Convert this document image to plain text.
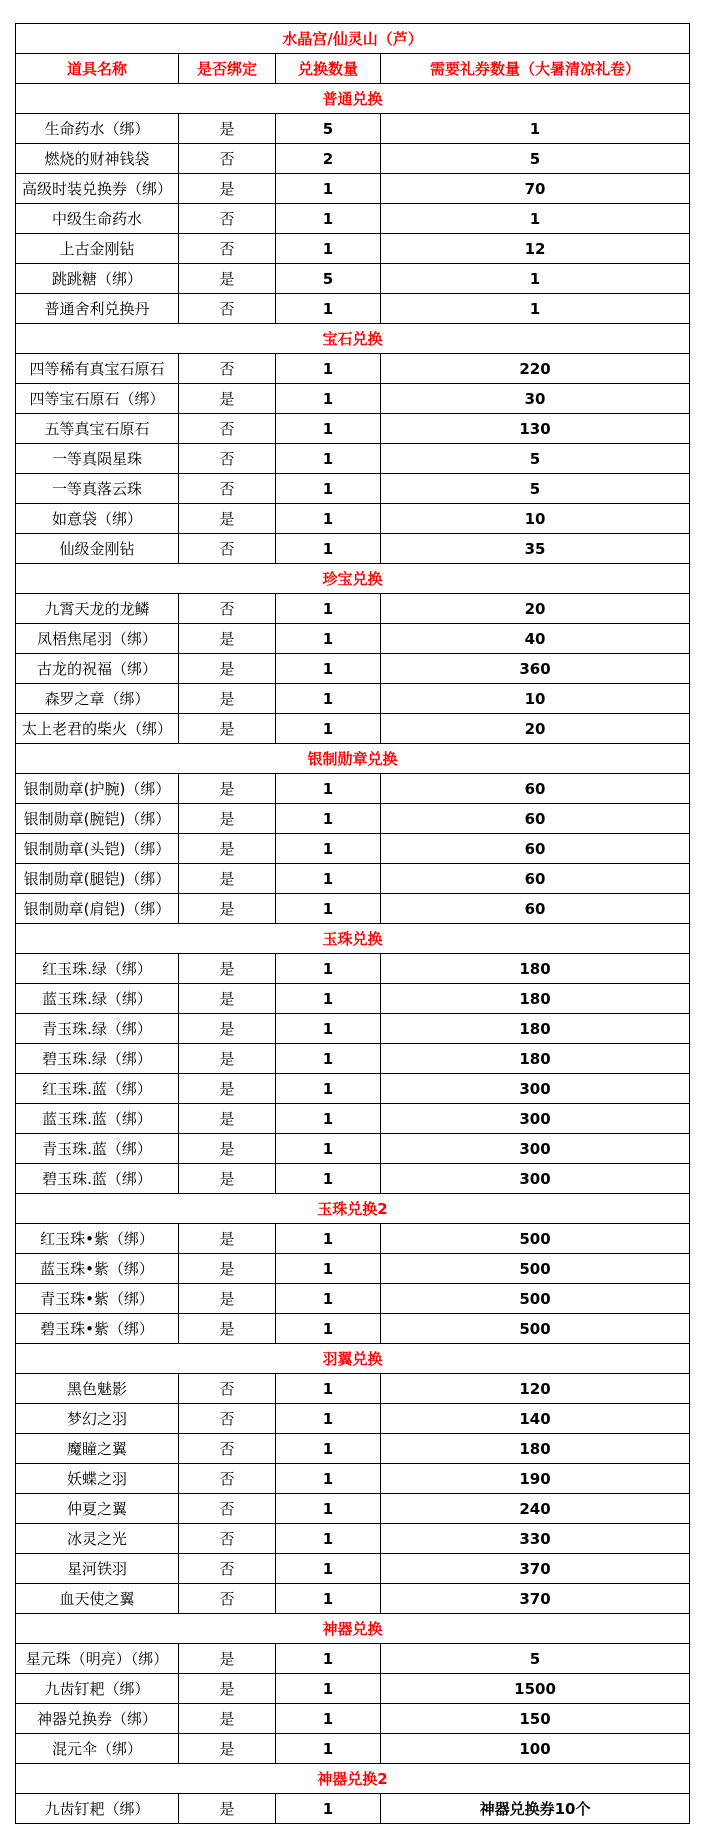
水晶宫/仙灵山（芦）			
道具名称	是否绑定	兑换数量	需要礼券数量（大暑清凉礼卷）
普通兑换			
生命药水（绑）	是	5	1
燃烧的财神钱袋	否	2	5
高级时装兑换券（绑）	是	1	70
中级生命药水	否	1	1
上古金刚钻	否	1	12
跳跳糖（绑）	是	5	1
普通舍利兑换丹	否	1	1
宝石兑换			
四等稀有真宝石原石	否	1	220
四等宝石原石（绑）	是	1	30
五等真宝石原石	否	1	130
一等真陨星珠	否	1	5
一等真落云珠	否	1	5
如意袋（绑）	是	1	10
仙级金刚钻	否	1	35
珍宝兑换			
九霄天龙的龙鳞	否	1	20
凤梧焦尾羽（绑）	是	1	40
古龙的祝福（绑）	是	1	360
森罗之章（绑）	是	1	10
太上老君的柴火（绑）	是	1	20
银制勋章兑换			
银制勋章(护腕)（绑）	是	1	60
银制勋章(腕铠)（绑）	是	1	60
银制勋章(头铠)（绑）	是	1	60
银制勋章(腿铠)（绑）	是	1	60
银制勋章(肩铠)（绑）	是	1	60
玉珠兑换			
红玉珠.绿（绑）	是	1	180
蓝玉珠.绿（绑）	是	1	180
青玉珠.绿（绑）	是	1	180
碧玉珠.绿（绑）	是	1	180
红玉珠.蓝（绑）	是	1	300
蓝玉珠.蓝（绑）	是	1	300
青玉珠.蓝（绑）	是	1	300
碧玉珠.蓝（绑）	是	1	300
玉珠兑换2			
红玉珠•紫（绑）	是	1	500
蓝玉珠•紫（绑）	是	1	500
青玉珠•紫（绑）	是	1	500
碧玉珠•紫（绑）	是	1	500
羽翼兑换			
黑色魅影	否	1	120
梦幻之羽	否	1	140
魔瞳之翼	否	1	180
妖蝶之羽	否	1	190
仲夏之翼	否	1	240
冰灵之光	否	1	330
星河铁羽	否	1	370
血天使之翼	否	1	370
神器兑换			
星元珠（明亮）（绑）	是	1	5
九齿钉耙（绑）	是	1	1500
神器兑换券（绑）	是	1	150
混元伞（绑）	是	1	100
神器兑换2			
九齿钉耙（绑）	是	1	神器兑换券10个
